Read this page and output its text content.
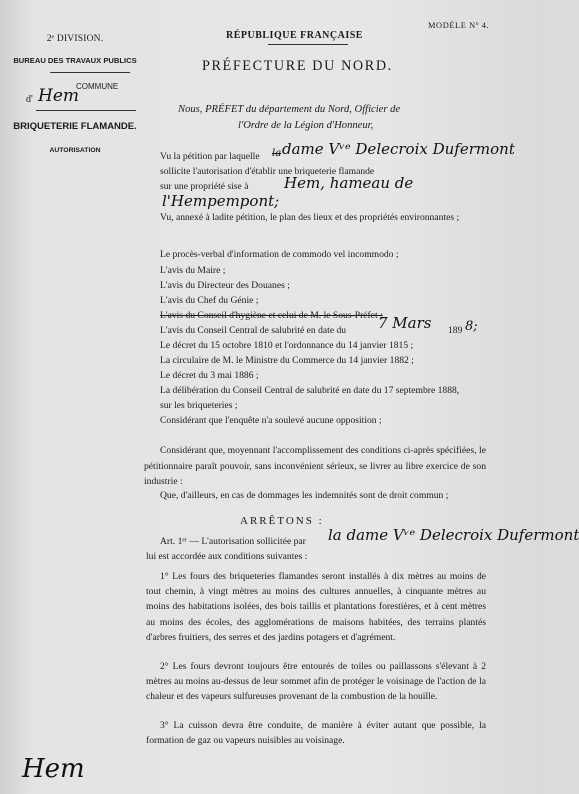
2ᵉ DIVISION.
BUREAU DES TRAVAUX PUBLICS
COMMUNE
d' Hem
BRIQUETERIE FLAMANDE.
AUTORISATION
RÉPUBLIQUE FRANÇAISE
MODÈLE Nº 4.
PRÉFECTURE DU NORD.
Nous, PRÉFET du département du Nord, Officier de
l'Ordre de la Légion d'Honneur,
Vu la pétition par laquelle la dame Vᵛᵉ Delecroix Dufermont
sollicite l'autorisation d'établir une briqueterie flamande
sur une propriété sise à Hem, hameau de
l'Hempempont;
Vu, annexé à ladite pétition, le plan des lieux et des propriétés environnantes ;
Le procès-verbal d'information de commodo vel incommodo ;
L'avis du Maire ;
L'avis du Directeur des Douanes ;
L'avis du Chef du Génie ;
L'avis du Conseil d'hygiène et celui de M. le Sous-Préfet ;
L'avis du Conseil Central de salubrité en date du 7 Mars 189 8;
Le décret du 15 octobre 1810 et l'ordonnance du 14 janvier 1815 ;
La circulaire de M. le Ministre du Commerce du 14 janvier 1882 ;
Le décret du 3 mai 1886 ;
La délibération du Conseil Central de salubrité en date du 17 septembre 1888,
sur les briqueteries ;
Considérant que l'enquête n'a soulevé aucune opposition ;
Considérant que, moyennant l'accomplissement des conditions ci-après spécifiées, le pétitionnaire paraît pouvoir, sans inconvénient sérieux, se livrer au libre exercice de son industrie :
Que, d'ailleurs, en cas de dommages les indemnités sont de droit commun ;
ARRÊTONS :
Art. 1ᵉʳ — L'autorisation sollicitée par la dame Vᵛᵉ Delecroix Dufermont
lui est accordée aux conditions suivantes :
1° Les fours des briqueteries flamandes seront installés à dix mètres au moins de tout chemin, à vingt mètres au moins des cultures annuelles, à cinquante mètres au moins des habitations isolées, des bois taillis et plantations forestières, et à cent mètres au moins des écoles, des agglomérations de maisons habitées, des terrains plantés d'arbres fruitiers, des serres et des jardins potagers et d'agrément.
2° Les fours devront toujours être entourés de toiles ou paillassons s'élevant à 2 mètres au moins au-dessus de leur sommet afin de protéger le voisinage de l'action de la chaleur et des vapeurs sulfureuses provenant de la combustion de la houille.
3° La cuisson devra être conduite, de manière à éviter autant que possible, la formation de gaz ou vapeurs nuisibles au voisinage.
Hem
